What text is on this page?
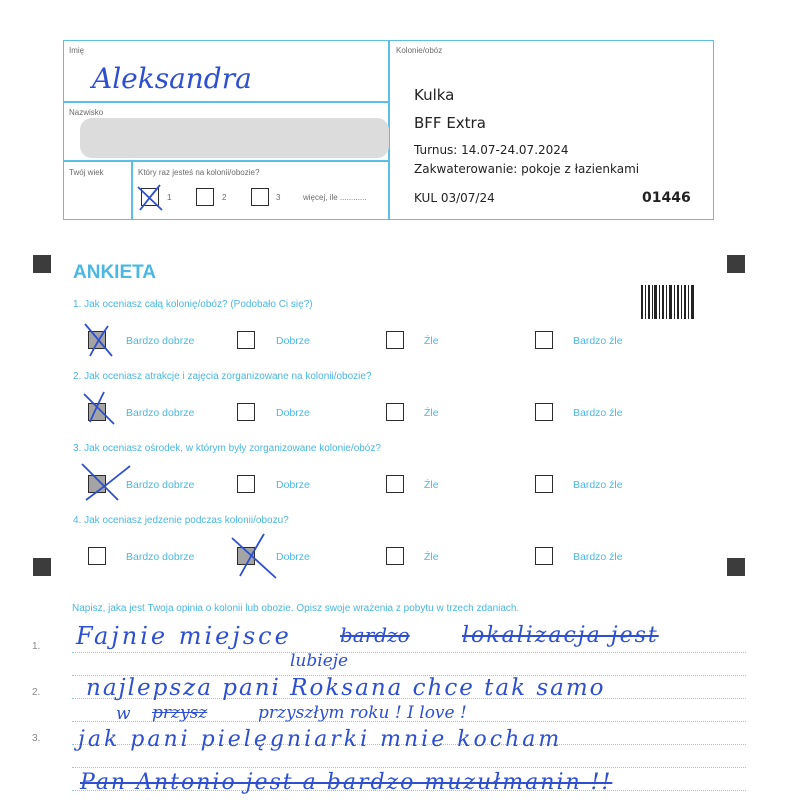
Imię
Aleksandra
Nazwisko
Twój wiek	Który raz jesteś na kolonii/obozie?
1	2	3	więcej, ile ............
Kolonie/obóz
Kulka
BFF Extra
Turnus: 14.07-24.07.2024
Zakwaterowanie: pokoje z łazienkami
KUL 03/07/24	01446
ANKIETA
1. Jak oceniasz całą kolonię/obóz? (Podobało Ci się?)
Bardzo dobrze	Dobrze	Źle	Bardzo źle
2. Jak oceniasz atrakcje i zajęcia zorganizowane na kolonii/obozie?
Bardzo dobrze	Dobrze	Źle	Bardzo źle
3. Jak oceniasz ośrodek, w którym były zorganizowane kolonie/obóz?
Bardzo dobrze	Dobrze	Źle	Bardzo źle
4. Jak oceniasz jedzenie podczas kolonii/obozu?
Bardzo dobrze	Dobrze	Źle	Bardzo źle
Napisz, jaka jest Twoja opinia o kolonii lub obozie. Opisz swoje wrażenia z pobytu w trzech zdaniach.
1.
2.
3.
Fajnie miejsce bardzo lokalizacja jest
lubieje
najlepsza pani Roksana chce tak samo
w przysz	przyszłym roku ! I love !
jak pani pielęgniarki mnie kocham
Pan Antonio jest a bardzo muzułmanin !!
